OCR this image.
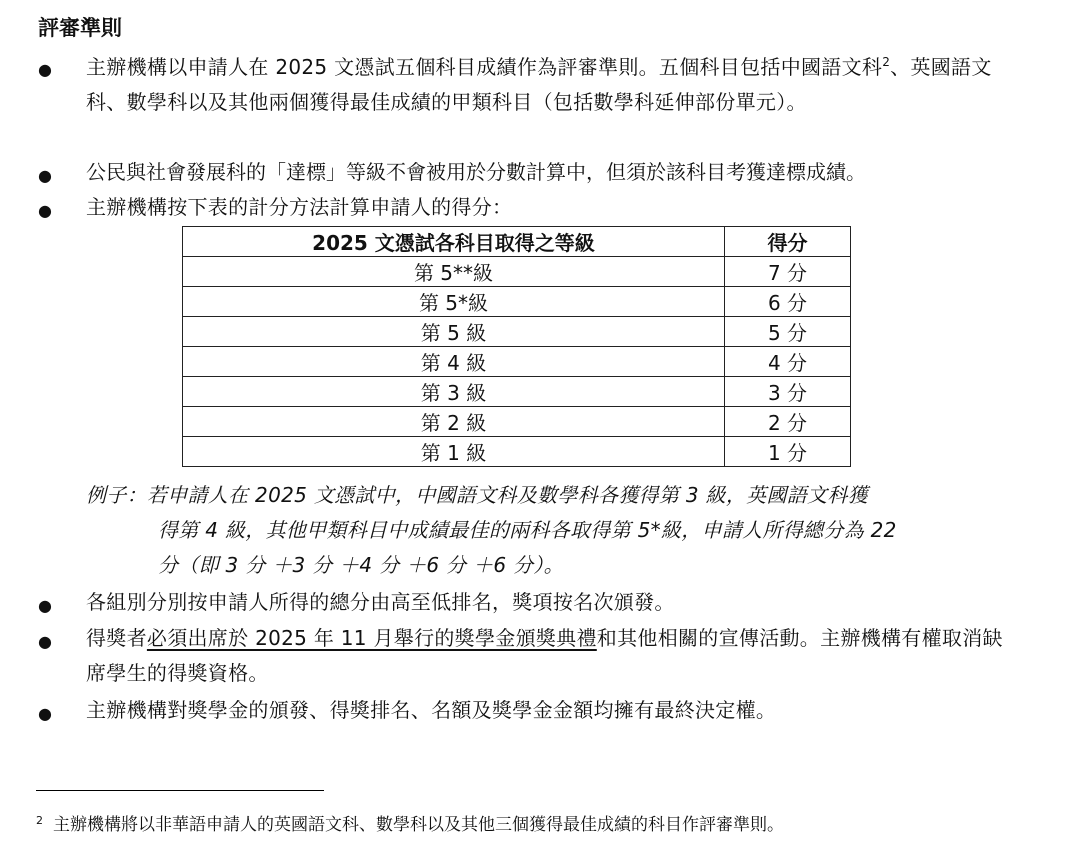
評審準則
● 主辦機構以申請人在 2025 文憑試五個科目成績作為評審準則。五個科目包括中國語文科$^2$、英國語文科、數學科以及其他兩個獲得最佳成績的甲類科目（包括數學科延伸部份單元）。
● 公民與社會發展科的「達標」等級不會被用於分數計算中，但須於該科目考獲達標成績。
● 主辦機構按下表的計分方法計算申請人的得分：
2025 文憑試各科目取得之等級	得分
第 5**級	7 分
第 5*級	6 分
第 5 級	5 分
第 4 級	4 分
第 3 級	3 分
第 2 級	2 分
第 1 級	1 分
例子：若申請人在 2025 文憑試中，中國語文科及數學科各獲得第 3 級，英國語文科獲
得第 4 級，其他甲類科目中成績最佳的兩科各取得第 5*級，申請人所得總分為 22
分（即 3 分 ＋3 分 ＋4 分 ＋6 分 ＋6 分）。
● 各組別分別按申請人所得的總分由高至低排名，獎項按名次頒發。
● 得獎者必須出席於 2025 年 11 月舉行的獎學金頒獎典禮和其他相關的宣傳活動。主辦機構有權取消缺席學生的得獎資格。
● 主辦機構對獎學金的頒發、得獎排名、名額及獎學金金額均擁有最終決定權。
$^2$ 主辦機構將以非華語申請人的英國語文科、數學科以及其他三個獲得最佳成績的科目作評審準則。
